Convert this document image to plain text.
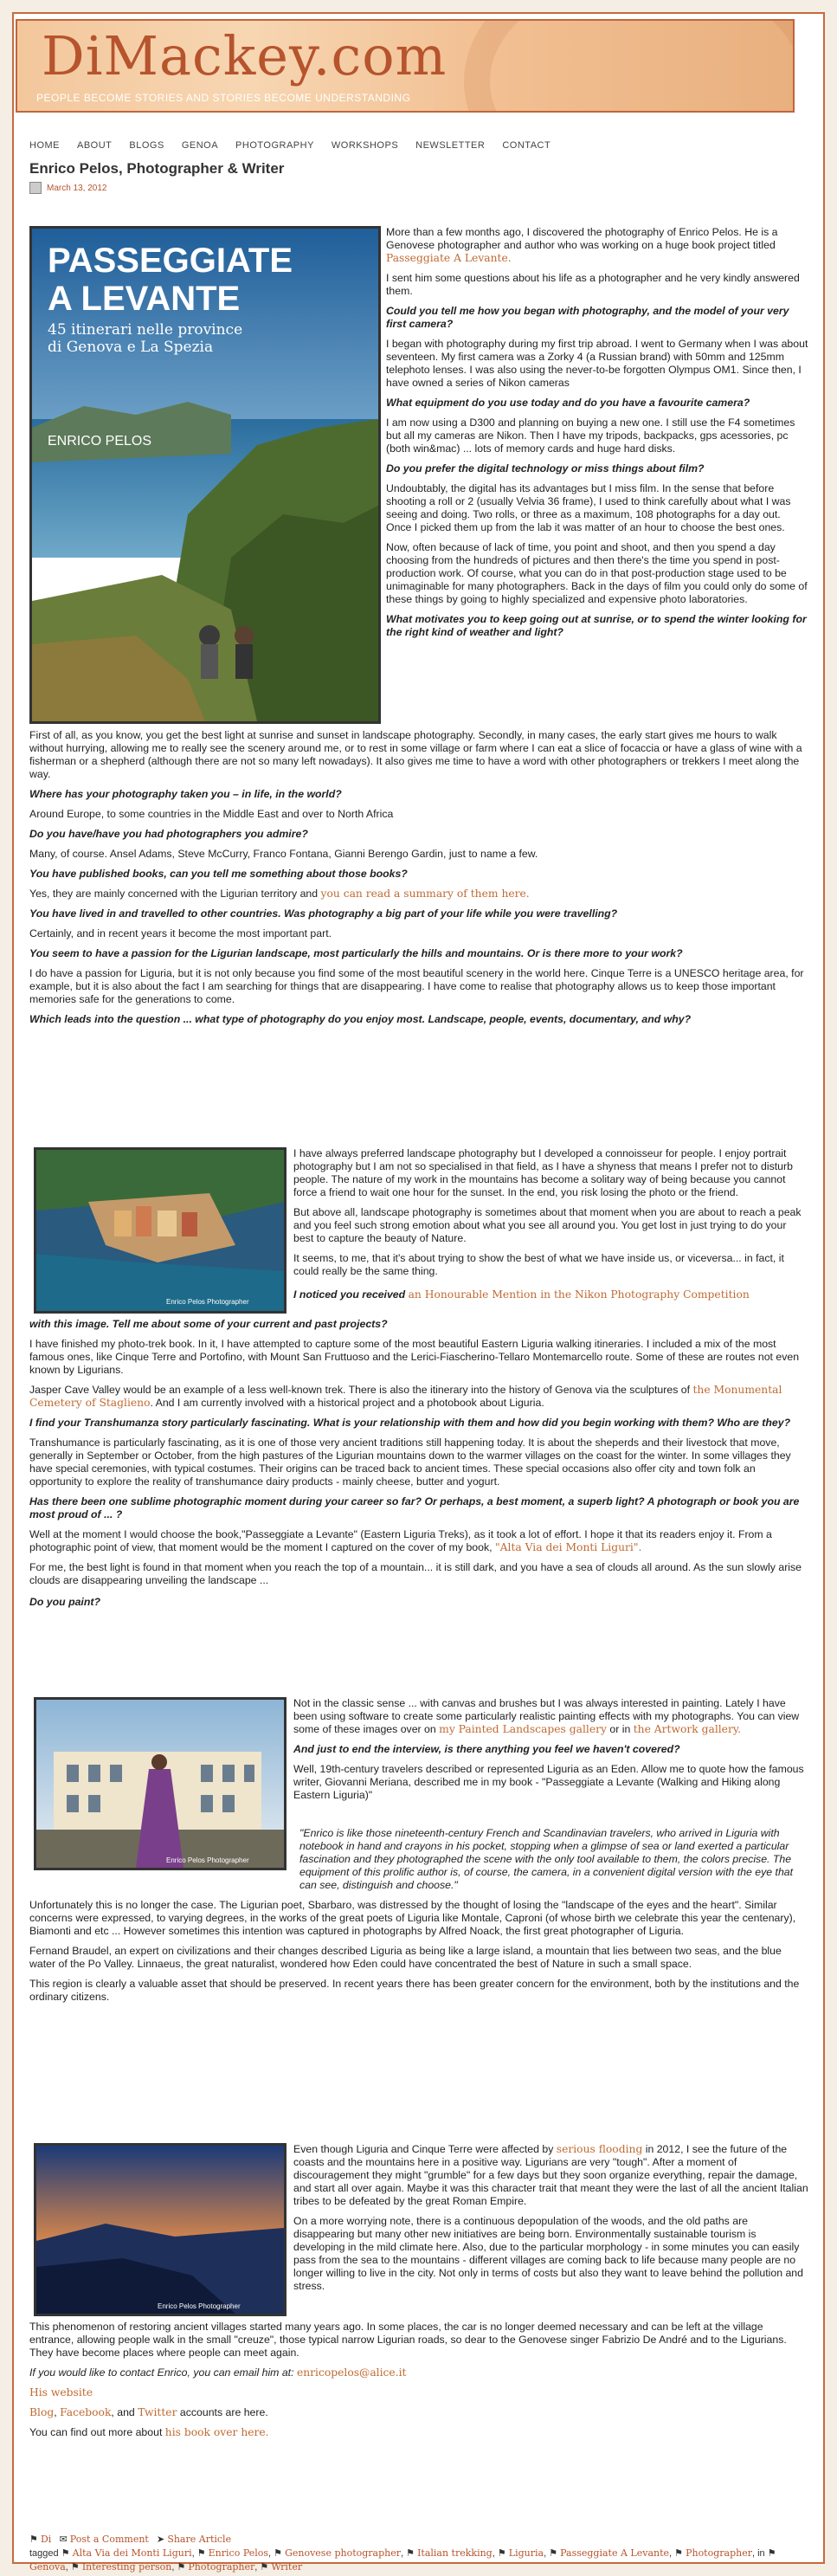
DiMackey.com
PEOPLE BECOME STORIES AND STORIES BECOME UNDERSTANDING
HOME ABOUT BLOGS GENOA PHOTOGRAPHY WORKSHOPS NEWSLETTER CONTACT
Enrico Pelos, Photographer & Writer
March 13, 2012
PASSEGGIATE
A LEVANTE
45 itinerari nelle province
di Genova e La Spezia
ENRICO PELOS

More than a few months ago, I discovered the photography of Enrico Pelos. He is a Genovese photographer and author who was working on a huge book project titled Passeggiate A Levante.

I sent him some questions about his life as a photographer and he very kindly answered them.

Could you tell me how you began with photography, and the model of your very first camera?

I began with photography during my first trip abroad. I went to Germany when I was about seventeen. My first camera was a Zorky 4 (a Russian brand) with 50mm and 125mm telephoto lenses. I was also using the never-to-be forgotten Olympus OM1. Since then, I have owned a series of Nikon cameras

What equipment do you use today and do you have a favourite camera?

I am now using a D300 and planning on buying a new one. I still use the F4 sometimes but all my cameras are Nikon. Then I have my tripods, backpacks, gps acessories, pc (both win&mac) ... lots of memory cards and huge hard disks.

Do you prefer the digital technology or miss things about film?

Undoubtably, the digital has its advantages but I miss film. In the sense that before shooting a roll or 2 (usually Velvia 36 frame), I used to think carefully about what I was seeing and doing. Two rolls, or three as a maximum, 108 photographs for a day out. Once I picked them up from the lab it was matter of an hour to choose the best ones.

Now, often because of lack of time, you point and shoot, and then you spend a day choosing from the hundreds of pictures and then there's the time you spend in post-production work. Of course, what you can do in that post-production stage used to be unimaginable for many photographers. Back in the days of film you could only do some of these things by going to highly specialized and expensive photo laboratories.

What motivates you to keep going out at sunrise, or to spend the winter looking for the right kind of weather and light?

First of all, as you know, you get the best light at sunrise and sunset in landscape photography. Secondly, in many cases, the early start gives me hours to walk without hurrying, allowing me to really see the scenery around me, or to rest in some village or farm where I can eat a slice of focaccia or have a glass of wine with a fisherman or a shepherd (although there are not so many left nowadays). It also gives me time to have a word with other photographers or trekkers I meet along the way.

Where has your photography taken you – in life, in the world?

Around Europe, to some countries in the Middle East and over to North Africa

Do you have/have you had photographers you admire?

Many, of course. Ansel Adams, Steve McCurry, Franco Fontana, Gianni Berengo Gardin, just to name a few.

You have published books, can you tell me something about those books?

Yes, they are mainly concerned with the Ligurian territory and you can read a summary of them here.

You have lived in and travelled to other countries. Was photography a big part of your life while you were travelling?

Certainly, and in recent years it become the most important part.

You seem to have a passion for the Ligurian landscape, most particularly the hills and mountains. Or is there more to your work?

I do have a passion for Liguria, but it is not only because you find some of the most beautiful scenery in the world here. Cinque Terre is a UNESCO heritage area, for example, but it is also about the fact I am searching for things that are disappearing. I have come to realise that photography allows us to keep those important memories safe for the generations to come.

Which leads into the question ... what type of photography do you enjoy most. Landscape, people, events, documentary, and why?

Enrico Pelos Photographer

I have always preferred landscape photography but I developed a connoisseur for people. I enjoy portrait photography but I am not so specialised in that field, as I have a shyness that means I prefer not to disturb people. The nature of my work in the mountains has become a solitary way of being because you cannot force a friend to wait one hour for the sunset. In the end, you risk losing the photo or the friend.

But above all, landscape photography is sometimes about that moment when you are about to reach a peak and you feel such strong emotion about what you see all around you. You get lost in just trying to do your best to capture the beauty of Nature.

It seems, to me, that it's about trying to show the best of what we have inside us, or viceversa... in fact, it could really be the same thing.

I noticed you received an Honourable Mention in the Nikon Photography Competition

with this image. Tell me about some of your current and past projects?

I have finished my photo-trek book. In it, I have attempted to capture some of the most beautiful Eastern Liguria walking itineraries. I included a mix of the most famous ones, like Cinque Terre and Portofino, with Mount San Fruttuoso and the Lerici-Fiascherino-Tellaro Montemarcello route. Some of these are routes not even known by Ligurians.

Jasper Cave Valley would be an example of a less well-known trek. There is also the itinerary into the history of Genova via the sculptures of the Monumental Cemetery of Staglieno. And I am currently involved with a historical project and a photobook about Liguria.

I find your Transhumanza story particularly fascinating. What is your relationship with them and how did you begin working with them? Who are they?

Transhumance is particularly fascinating, as it is one of those very ancient traditions still happening today. It is about the sheperds and their livestock that move, generally in September or October, from the high pastures of the Ligurian mountains down to the warmer villages on the coast for the winter. In some villages they have special ceremonies, with typical costumes. Their origins can be traced back to ancient times. These special occasions also offer city and town folk an opportunity to explore the reality of transhumance dairy products - mainly cheese, butter and yogurt.

Has there been one sublime photographic moment during your career so far? Or perhaps, a best moment, a superb light? A photograph or book you are most proud of ... ?

Well at the moment I would choose the book,"Passeggiate a Levante" (Eastern Liguria Treks), as it took a lot of effort. I hope it that its readers enjoy it. From a photographic point of view, that moment would be the moment I captured on the cover of my book, "Alta Via dei Monti Liguri".

For me, the best light is found in that moment when you reach the top of a mountain... it is still dark, and you have a sea of clouds all around. As the sun slowly arise clouds are disappearing unveiling the landscape ...

Do you paint?

Enrico Pelos Photographer

Not in the classic sense ... with canvas and brushes but I was always interested in painting. Lately I have been using software to create some particularly realistic painting effects with my photographs. You can view some of these images over on my Painted Landscapes gallery or in the Artwork gallery.

And just to end the interview, is there anything you feel we haven't covered?

Well, 19th-century travelers described or represented Liguria as an Eden. Allow me to quote how the famous writer, Giovanni Meriana, described me in my book - "Passeggiate a Levante (Walking and Hiking along Eastern Liguria)"

"Enrico is like those nineteenth-century French and Scandinavian travelers, who arrived in Liguria with notebook in hand and crayons in his pocket, stopping when a glimpse of sea or land exerted a particular fascination and they photographed the scene with the only tool available to them, the colors precise. The equipment of this prolific author is, of course, the camera, in a convenient digital version with the eye that can see, distinguish and choose."

Unfortunately this is no longer the case. The Ligurian poet, Sbarbaro, was distressed by the thought of losing the "landscape of the eyes and the heart". Similar concerns were expressed, to varying degrees, in the works of the great poets of Liguria like Montale, Caproni (of whose birth we celebrate this year the centenary), Biamonti and etc ... However sometimes this intention was captured in photographs by Alfred Noack, the first great photographer of Liguria.

Fernand Braudel, an expert on civilizations and their changes described Liguria as being like a large island, a mountain that lies between two seas, and the blue water of the Po Valley. Linnaeus, the great naturalist, wondered how Eden could have concentrated the best of Nature in such a small space.

This region is clearly a valuable asset that should be preserved. In recent years there has been greater concern for the environment, both by the institutions and the ordinary citizens.

Enrico Pelos Photographer

Even though Liguria and Cinque Terre were affected by serious flooding in 2012, I see the future of the coasts and the mountains here in a positive way. Ligurians are very "tough". After a moment of discouragement they might "grumble" for a few days but they soon organize everything, repair the damage, and start all over again. Maybe it was this character trait that meant they were the last of all the ancient Italian tribes to be defeated by the great Roman Empire.

On a more worrying note, there is a continuous depopulation of the woods, and the old paths are disappearing but many other new initiatives are being born. Environmentally sustainable tourism is developing in the mild climate here. Also, due to the particular morphology - in some minutes you can easily pass from the sea to the mountains - different villages are coming back to life because many people are no longer willing to live in the city. Not only in terms of costs but also they want to leave behind the pollution and stress.

This phenomenon of restoring ancient villages started many years ago. In some places, the car is no longer deemed necessary and can be left at the village entrance, allowing people walk in the small "creuze", those typical narrow Ligurian roads, so dear to the Genovese singer Fabrizio De André and to the Ligurians. They have become places where people can meet again.

If you would like to contact Enrico, you can email him at: enricopelos@alice.it

His website

Blog, Facebook, and Twitter accounts are here.

You can find out more about his book over here.

⚑ Di ✉ Post a Comment ➤ Share Article
tagged ⚑ Alta Via dei Monti Liguri, ⚑ Enrico Pelos, ⚑ Genovese photographer, ⚑ Italian trekking, ⚑ Liguria, ⚑ Passeggiate A Levante, ⚑ Photographer, in ⚑ Genova, ⚑ Interesting person, ⚑ Photographer, ⚑ Writer
